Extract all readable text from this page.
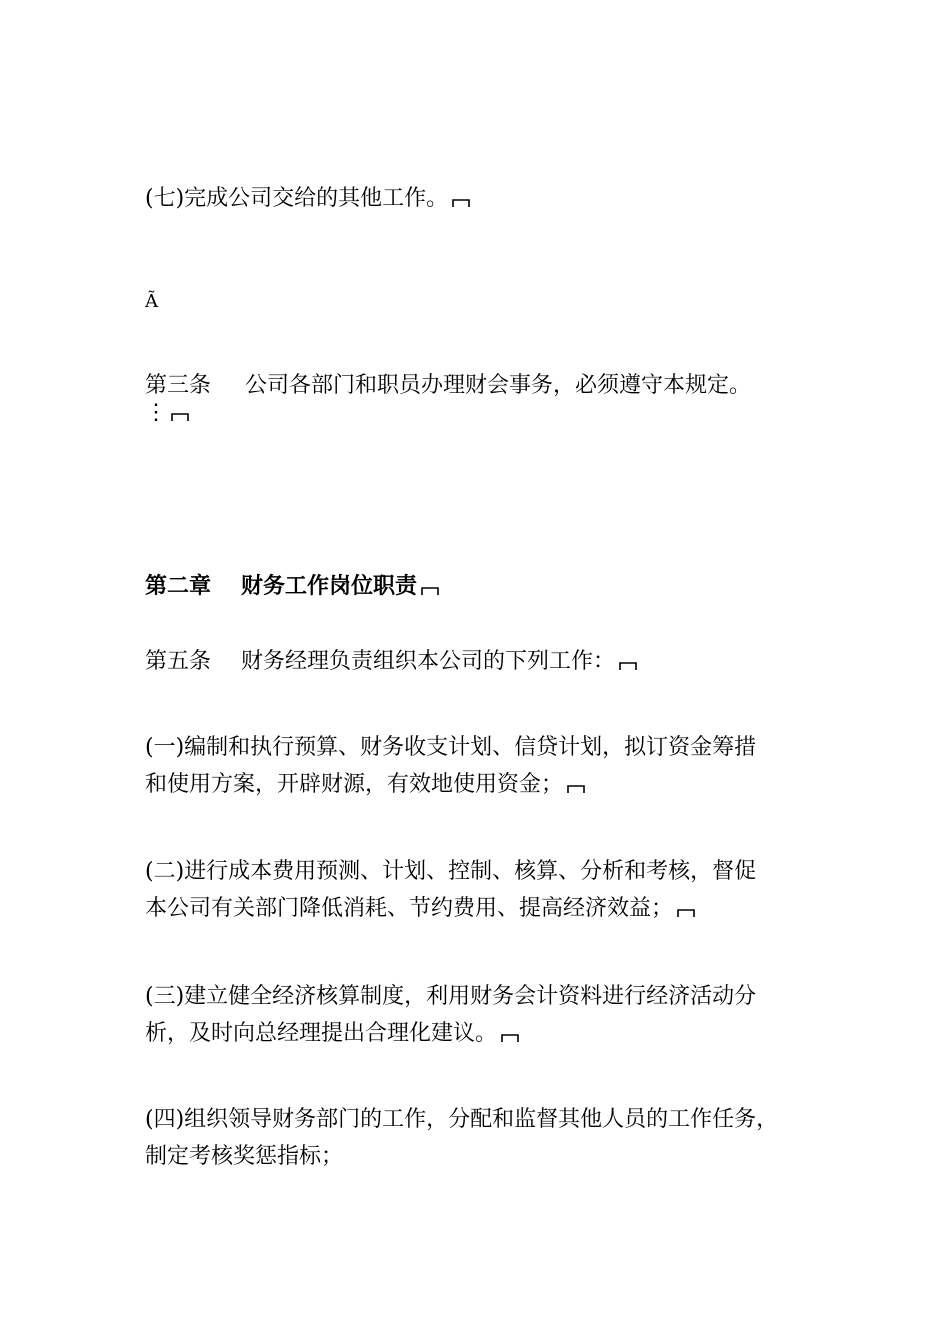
(七)完成公司交给的其他工作。
Ã
第三条 公司各部门和职员办理财会事务，必须遵守本规定。
⋮
第二章 财务工作岗位职责
第五条 财务经理负责组织本公司的下列工作：
(一)编制和执行预算、财务收支计划、信贷计划，拟订资金筹措
和使用方案，开辟财源，有效地使用资金；
(二)进行成本费用预测、计划、控制、核算、分析和考核，督促
本公司有关部门降低消耗、节约费用、提高经济效益；
(三)建立健全经济核算制度，利用财务会计资料进行经济活动分
析，及时向总经理提出合理化建议。
(四)组织领导财务部门的工作，分配和监督其他人员的工作任务，
制定考核奖惩指标；
